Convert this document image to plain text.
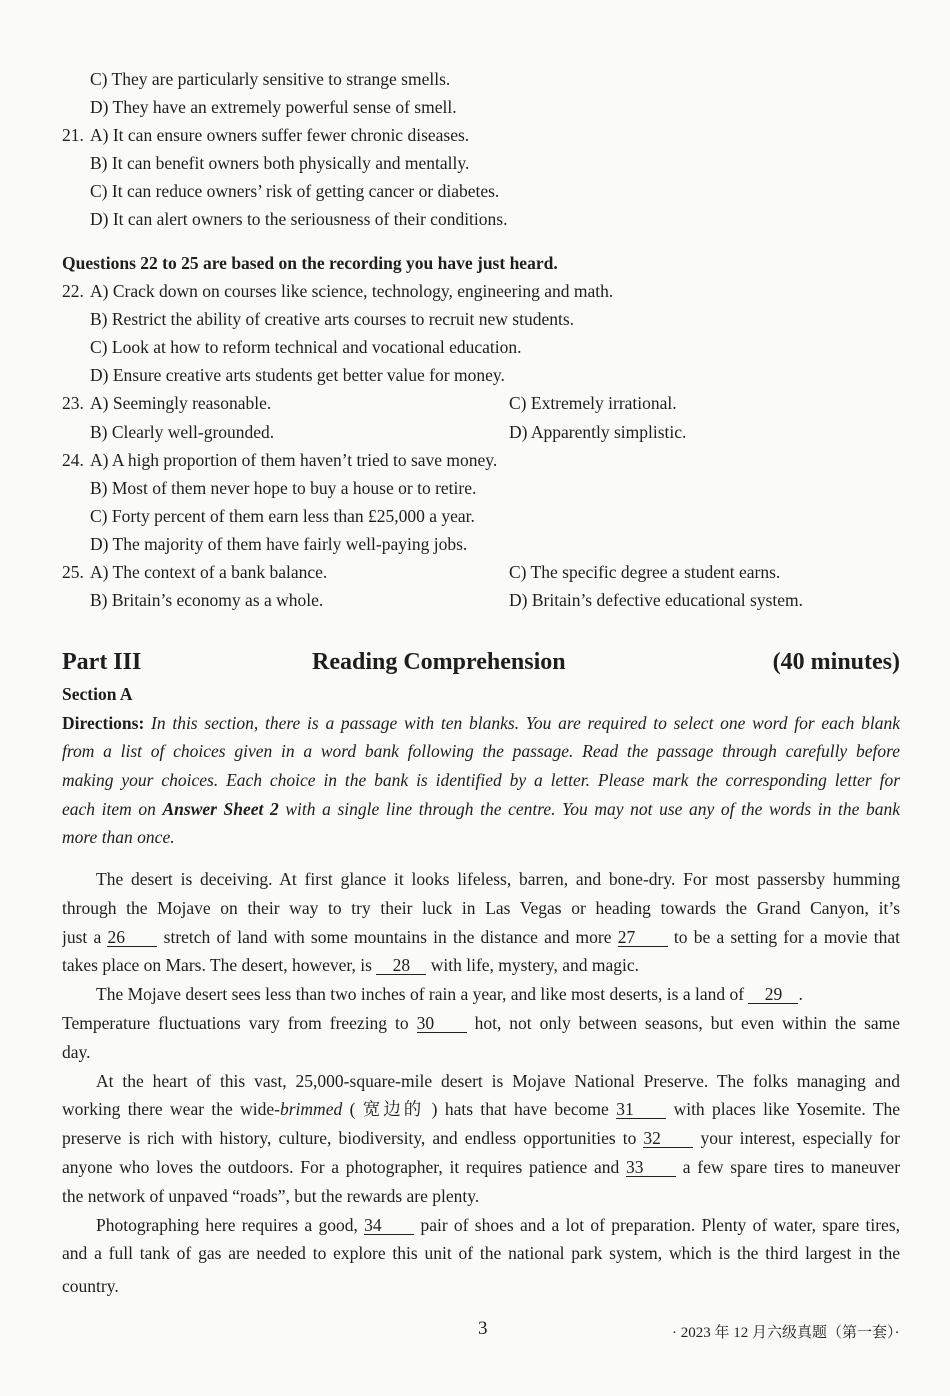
C) They are particularly sensitive to strange smells.
D) They have an extremely powerful sense of smell.
21. A) It can ensure owners suffer fewer chronic diseases.
B) It can benefit owners both physically and mentally.
C) It can reduce owners’ risk of getting cancer or diabetes.
D) It can alert owners to the seriousness of their conditions.
Questions 22 to 25 are based on the recording you have just heard.
22. A) Crack down on courses like science, technology, engineering and math.
B) Restrict the ability of creative arts courses to recruit new students.
C) Look at how to reform technical and vocational education.
D) Ensure creative arts students get better value for money.
23. A) Seemingly reasonable.	C) Extremely irrational.
B) Clearly well-grounded.	D) Apparently simplistic.
24. A) A high proportion of them haven’t tried to save money.
B) Most of them never hope to buy a house or to retire.
C) Forty percent of them earn less than £25,000 a year.
D) The majority of them have fairly well-paying jobs.
25. A) The context of a bank balance.	C) The specific degree a student earns.
B) Britain’s economy as a whole.	D) Britain’s defective educational system.
Part III	Reading Comprehension	(40 minutes)
Section A
Directions: In this section, there is a passage with ten blanks. You are required to select one word for each blank
from a list of choices given in a word bank following the passage. Read the passage through carefully before
making your choices. Each choice in the bank is identified by a letter. Please mark the corresponding letter for
each item on Answer Sheet 2 with a single line through the centre. You may not use any of the words in the bank
more than once.
The desert is deceiving. At first glance it looks lifeless, barren, and bone-dry. For most passersby humming
through the Mojave on their way to try their luck in Las Vegas or heading towards the Grand Canyon, it’s
just a 26 stretch of land with some mountains in the distance and more 27 to be a setting for a movie that
takes place on Mars. The desert, however, is 28 with life, mystery, and magic.
The Mojave desert sees less than two inches of rain a year, and like most deserts, is a land of 29 .
Temperature fluctuations vary from freezing to 30 hot, not only between seasons, but even within the same
day.
At the heart of this vast, 25,000-square-mile desert is Mojave National Preserve. The folks managing and
working there wear the wide-brimmed ( 宽边的 ) hats that have become 31 with places like Yosemite. The
preserve is rich with history, culture, biodiversity, and endless opportunities to 32 your interest, especially for
anyone who loves the outdoors. For a photographer, it requires patience and 33 a few spare tires to maneuver
the network of unpaved “roads”, but the rewards are plenty.
Photographing here requires a good, 34 pair of shoes and a lot of preparation. Plenty of water, spare tires,
and a full tank of gas are needed to explore this unit of the national park system, which is the third largest in the
country.
3	· 2023 年 12 月六级真题（第一套）·
